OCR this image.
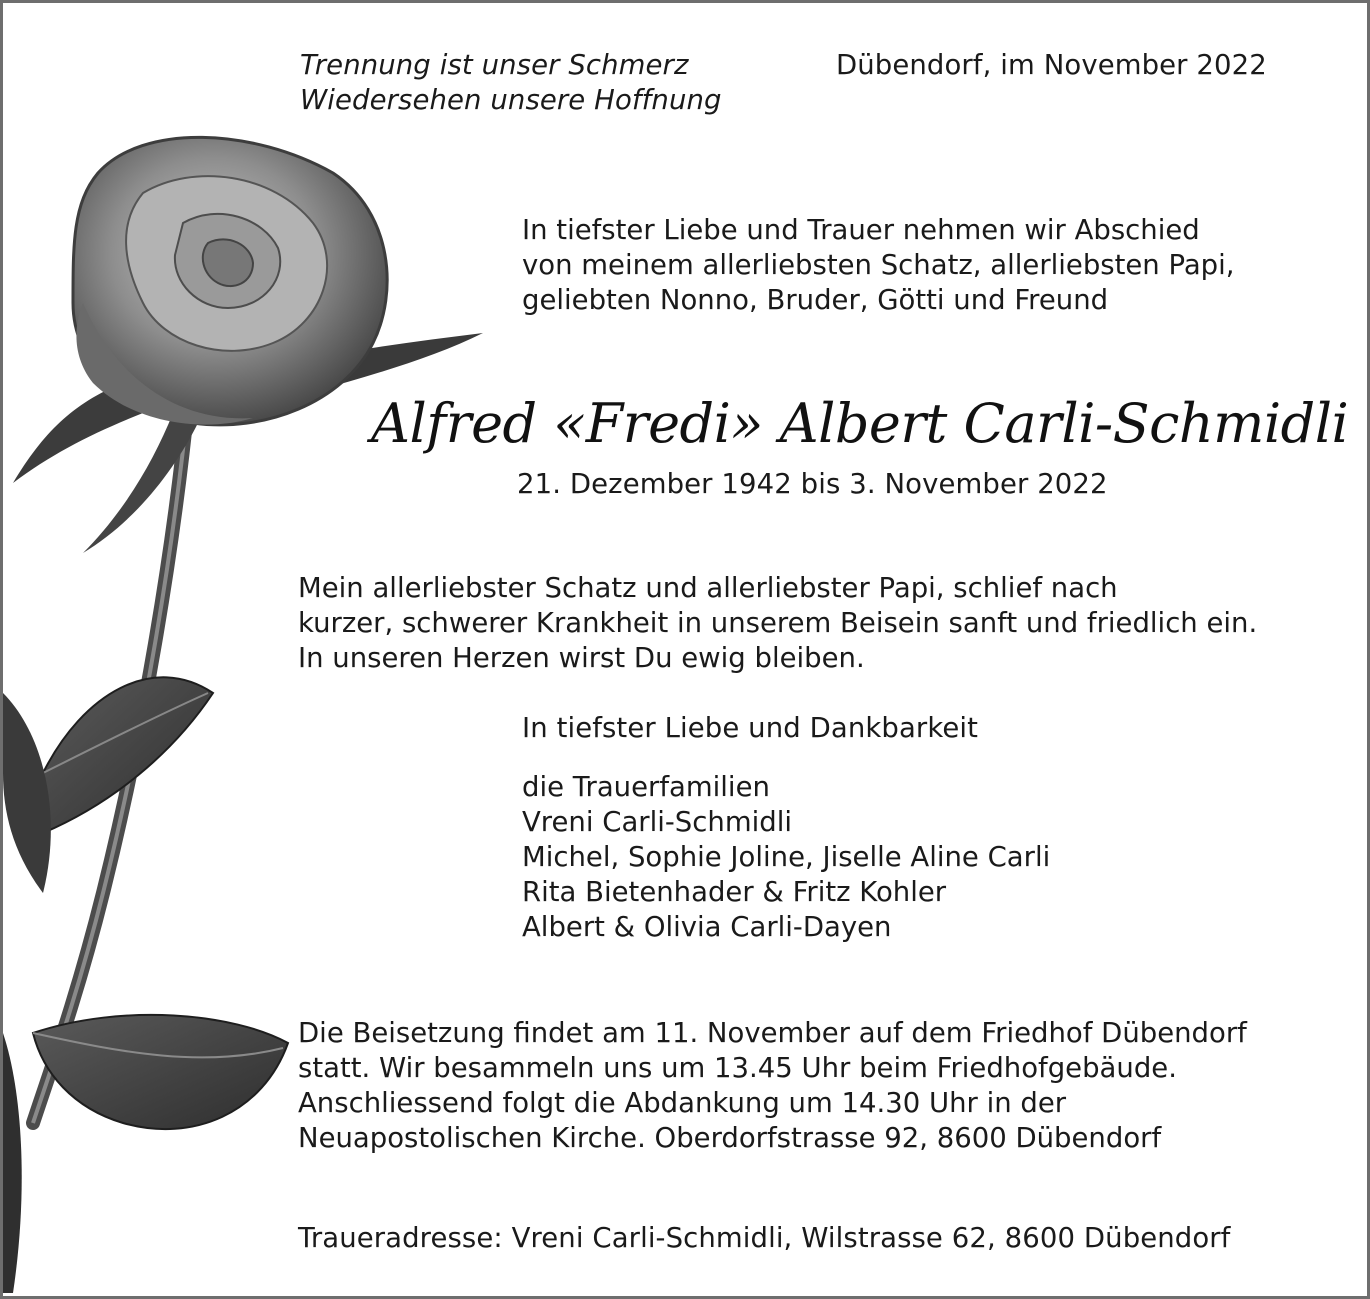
Trennung ist unser Schmerz
Wiedersehen unsere Hoffnung
Dübendorf, im November 2022
In tiefster Liebe und Trauer nehmen wir Abschied
von meinem allerliebsten Schatz, allerliebsten Papi,
geliebten Nonno, Bruder, Götti und Freund
Alfred «Fredi» Albert Carli-Schmidli
21. Dezember 1942 bis 3. November 2022
Mein allerliebster Schatz und allerliebster Papi, schlief nach
kurzer, schwerer Krankheit in unserem Beisein sanft und friedlich ein.
In unseren Herzen wirst Du ewig bleiben.
In tiefster Liebe und Dankbarkeit
die Trauerfamilien
Vreni Carli-Schmidli
Michel, Sophie Joline, Jiselle Aline Carli
Rita Bietenhader & Fritz Kohler
Albert & Olivia Carli-Dayen
Die Beisetzung findet am 11. November auf dem Friedhof Dübendorf
statt. Wir besammeln uns um 13.45 Uhr beim Friedhofgebäude.
Anschliessend folgt die Abdankung um 14.30 Uhr in der
Neuapostolischen Kirche. Oberdorfstrasse 92, 8600 Dübendorf
Traueradresse: Vreni Carli-Schmidli, Wilstrasse 62, 8600 Dübendorf
